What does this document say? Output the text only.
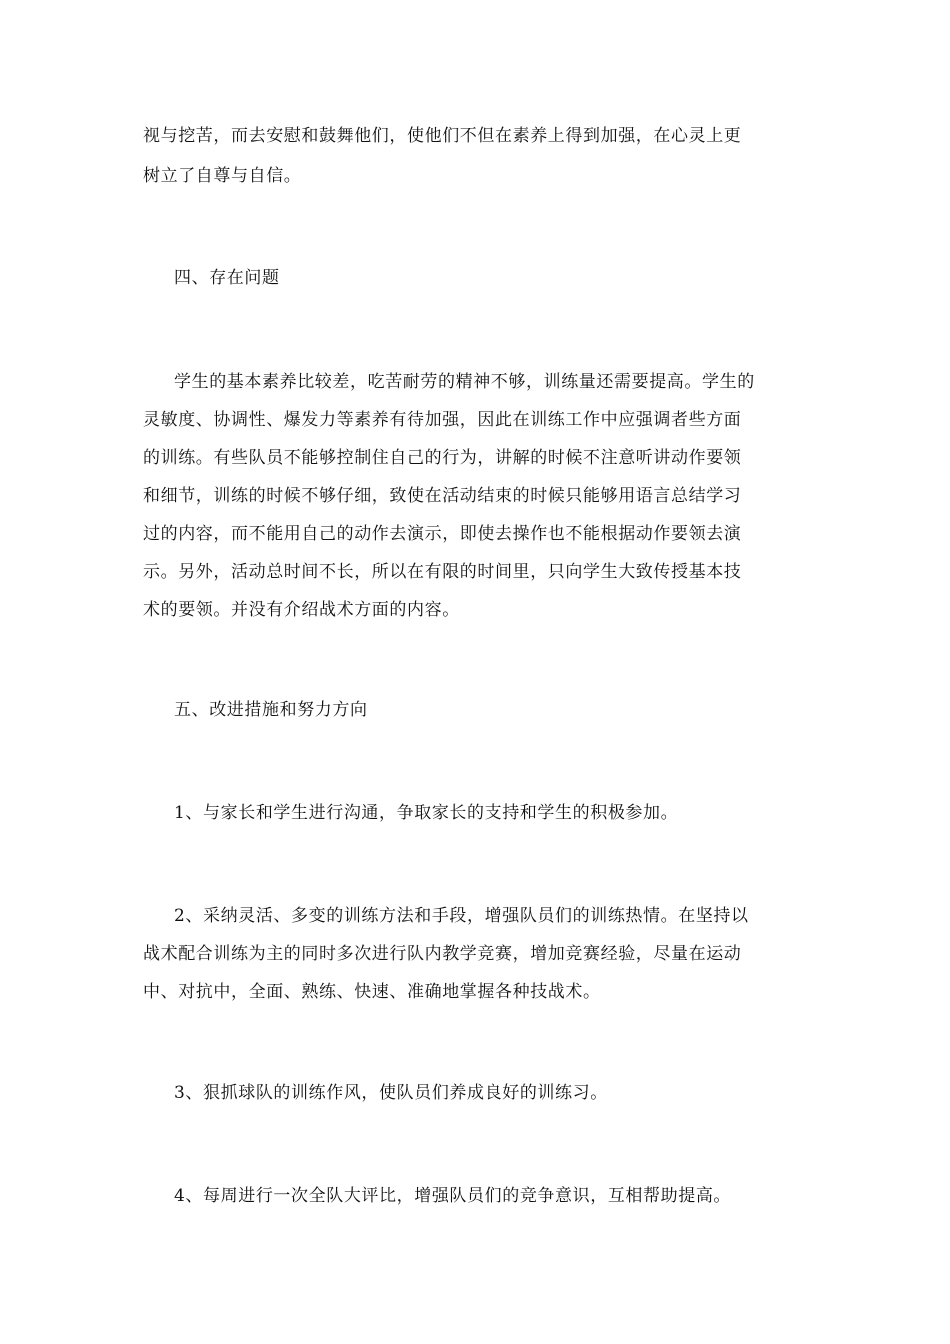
视与挖苦，而去安慰和鼓舞他们，使他们不但在素养上得到加强，在心灵上更
树立了自尊与自信。
四、存在问题
学生的基本素养比较差，吃苦耐劳的精神不够，训练量还需要提高。学生的
灵敏度、协调性、爆发力等素养有待加强，因此在训练工作中应强调者些方面
的训练。有些队员不能够控制住自己的行为，讲解的时候不注意听讲动作要领
和细节，训练的时候不够仔细，致使在活动结束的时候只能够用语言总结学习
过的内容，而不能用自己的动作去演示，即使去操作也不能根据动作要领去演
示。另外，活动总时间不长，所以在有限的时间里，只向学生大致传授基本技
术的要领。并没有介绍战术方面的内容。
五、改进措施和努力方向
1、与家长和学生进行沟通，争取家长的支持和学生的积极参加。
2、采纳灵活、多变的训练方法和手段，增强队员们的训练热情。在坚持以
战术配合训练为主的同时多次进行队内教学竞赛，增加竞赛经验，尽量在运动
中、对抗中，全面、熟练、快速、准确地掌握各种技战术。
3、狠抓球队的训练作风，使队员们养成良好的训练习。
4、每周进行一次全队大评比，增强队员们的竞争意识，互相帮助提高。
